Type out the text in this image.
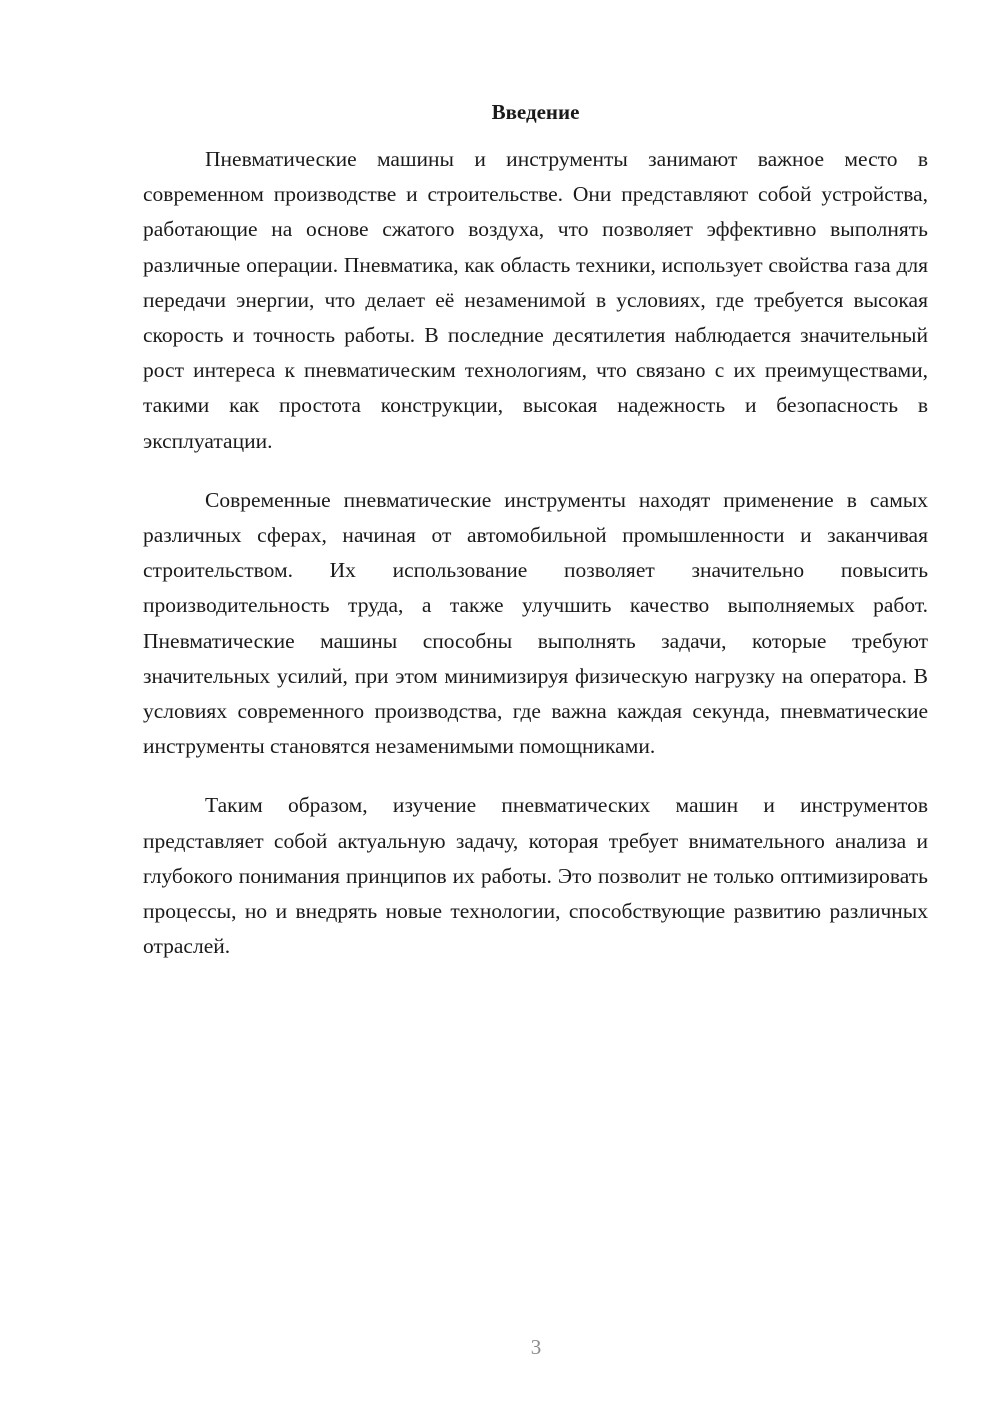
Введение

Пневматические машины и инструменты занимают важное место в современном производстве и строительстве. Они представляют собой устройства, работающие на основе сжатого воздуха, что позволяет эффективно выполнять различные операции. Пневматика, как область техники, использует свойства газа для передачи энергии, что делает её незаменимой в условиях, где требуется высокая скорость и точность работы. В последние десятилетия наблюдается значительный рост интереса к пневматическим технологиям, что связано с их преимуществами, такими как простота конструкции, высокая надежность и безопасность в эксплуатации.

Современные пневматические инструменты находят применение в самых различных сферах, начиная от автомобильной промышленности и заканчивая строительством. Их использование позволяет значительно повысить производительность труда, а также улучшить качество выполняемых работ. Пневматические машины способны выполнять задачи, которые требуют значительных усилий, при этом минимизируя физическую нагрузку на оператора. В условиях современного производства, где важна каждая секунда, пневматические инструменты становятся незаменимыми помощниками.

Таким образом, изучение пневматических машин и инструментов представляет собой актуальную задачу, которая требует внимательного анализа и глубокого понимания принципов их работы. Это позволит не только оптимизировать процессы, но и внедрять новые технологии, способствующие развитию различных отраслей.

3
